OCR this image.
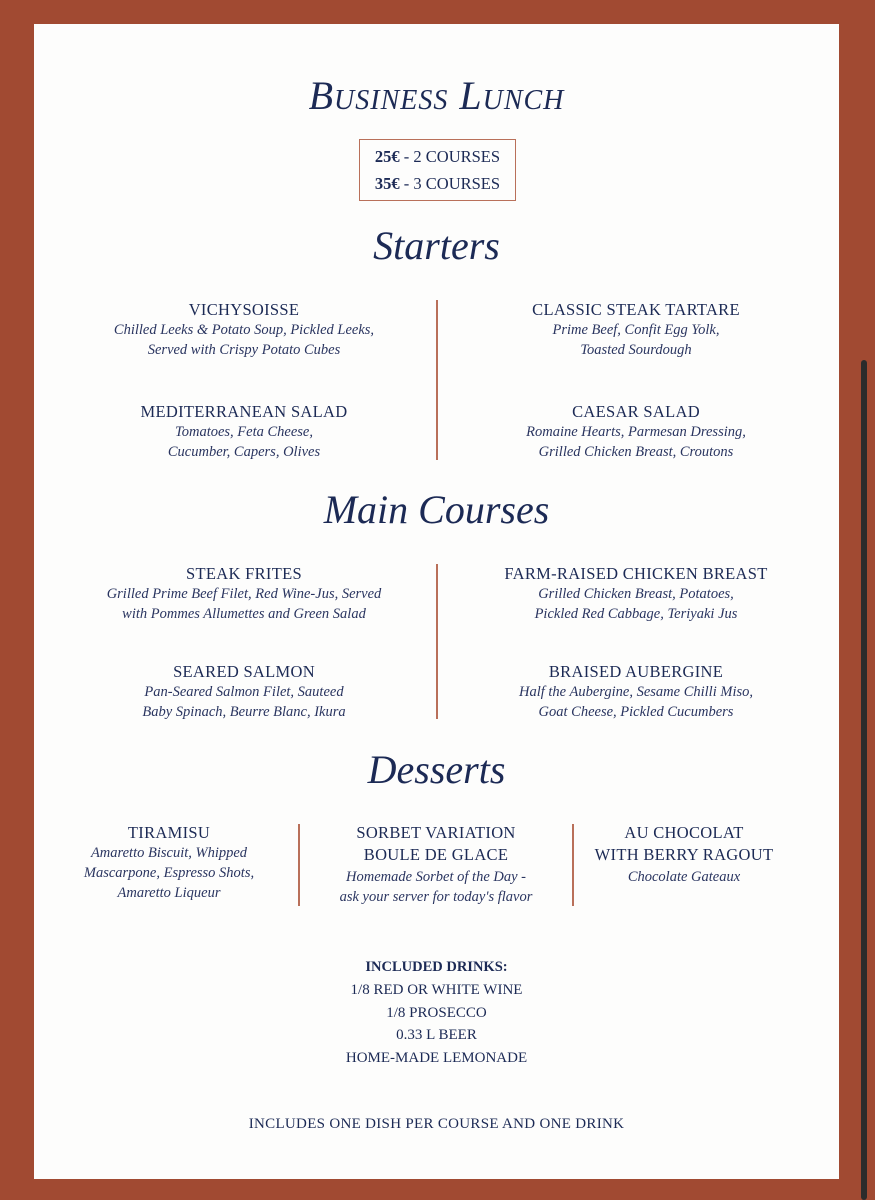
Business Lunch
25€ - 2 COURSES
35€ - 3 COURSES
Starters
VICHYSOISSE
Chilled Leeks & Potato Soup, Pickled Leeks,
Served with Crispy Potato Cubes
CLASSIC STEAK TARTARE
Prime Beef, Confit Egg Yolk,
Toasted Sourdough
MEDITERRANEAN SALAD
Tomatoes, Feta Cheese,
Cucumber, Capers, Olives
CAESAR SALAD
Romaine Hearts, Parmesan Dressing,
Grilled Chicken Breast, Croutons
Main Courses
STEAK FRITES
Grilled Prime Beef Filet, Red Wine-Jus, Served
with Pommes Allumettes and Green Salad
FARM-RAISED CHICKEN BREAST
Grilled Chicken Breast, Potatoes,
Pickled Red Cabbage, Teriyaki Jus
SEARED SALMON
Pan-Seared Salmon Filet, Sauteed
Baby Spinach, Beurre Blanc, Ikura
BRAISED AUBERGINE
Half the Aubergine, Sesame Chilli Miso,
Goat Cheese, Pickled Cucumbers
Desserts
TIRAMISU
Amaretto Biscuit, Whipped
Mascarpone, Espresso Shots,
Amaretto Liqueur
SORBET VARIATION
BOULE DE GLACE
Homemade Sorbet of the Day -
ask your server for today's flavor
AU CHOCOLAT
WITH BERRY RAGOUT
Chocolate Gateaux
INCLUDED DRINKS:
1/8 RED OR WHITE WINE
1/8 PROSECCO
0.33 L BEER
HOME-MADE LEMONADE
INCLUDES ONE DISH PER COURSE AND ONE DRINK
